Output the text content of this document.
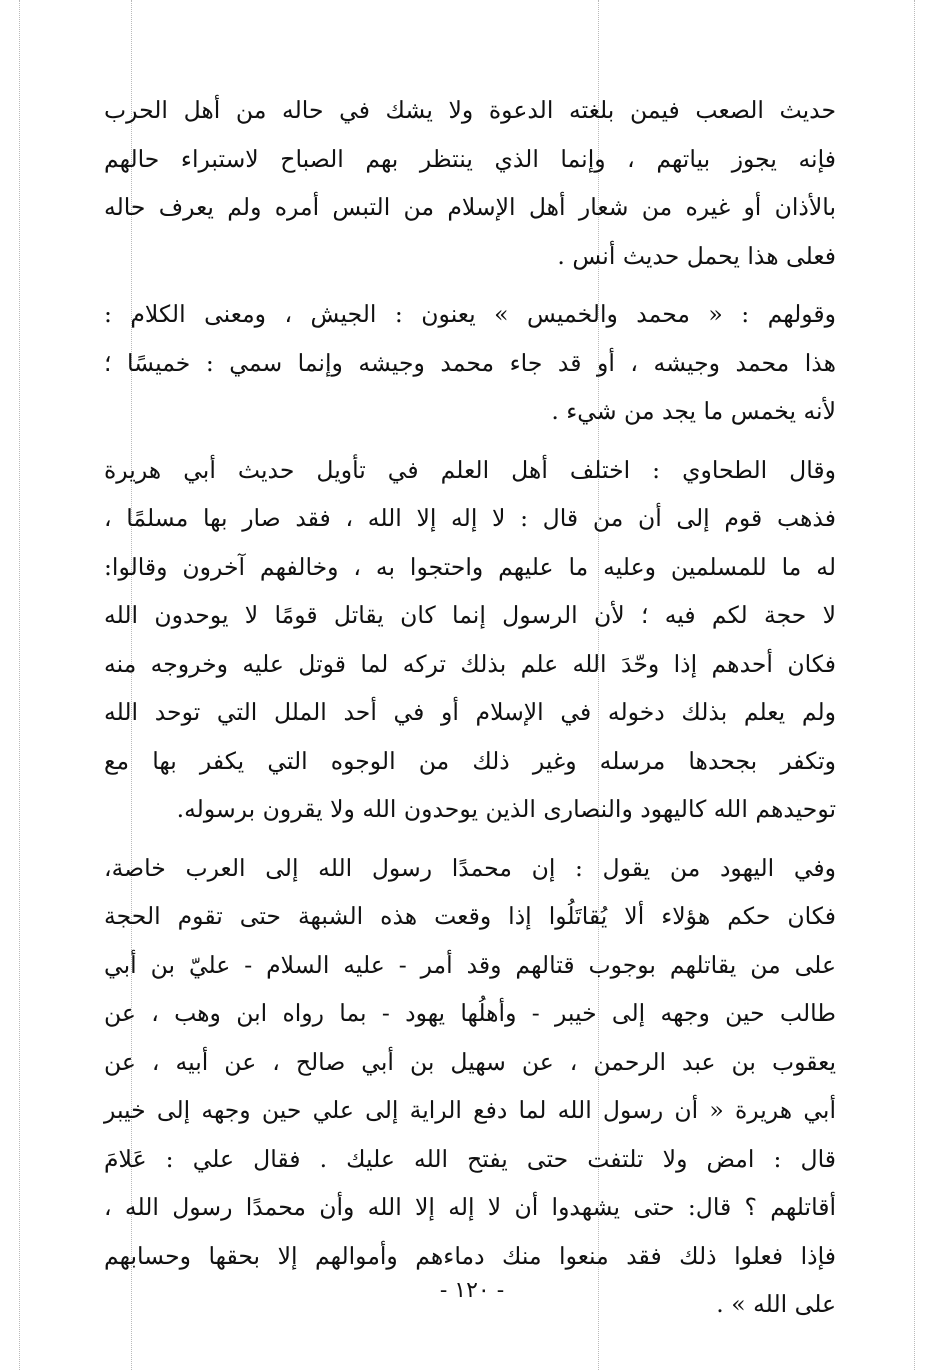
حديث الصعب فيمن بلغته الدعوة ولا يشك في حاله من أهل الحرب
فإنه يجوز بياتهم ، وإنما الذي ينتظر بهم الصباح لاستبراء حالهم
بالأذان أو غيره من شعار أهل الإسلام من التبس أمره ولم يعرف حاله
فعلى هذا يحمل حديث أنس .
وقولهم : « محمد والخميس » يعنون : الجيش ، ومعنى الكلام :
هذا محمد وجيشه ، أو قد جاء محمد وجيشه وإنما سمي : خميسًا ؛
لأنه يخمس ما يجد من شيء .
وقال الطحاوي : اختلف أهل العلم في تأويل حديث أبي هريرة
فذهب قوم إلى أن من قال : لا إله إلا الله ، فقد صار بها مسلمًا ،
له ما للمسلمين وعليه ما عليهم واحتجوا به ، وخالفهم آخرون وقالوا:
لا حجة لكم فيه ؛ لأن الرسول إنما كان يقاتل قومًا لا يوحدون الله
فكان أحدهم إذا وحّدَ الله علم بذلك تركه لما قوتل عليه وخروجه منه
ولم يعلم بذلك دخوله في الإسلام أو في أحد الملل التي توحد الله
وتكفر بجحدها مرسله وغير ذلك من الوجوه التي يكفر بها مع
توحيدهم الله كاليهود والنصارى الذين يوحدون الله ولا يقرون برسوله.
وفي اليهود من يقول : إن محمدًا رسول الله إلى العرب خاصة،
فكان حكم هؤلاء ألا يُقاتَلُوا إذا وقعت هذه الشبهة حتى تقوم الحجة
على من يقاتلهم بوجوب قتالهم وقد أمر - عليه السلام - عليّ بن أبي
طالب حين وجهه إلى خيبر - وأهلُها يهود - بما رواه ابن وهب ، عن
يعقوب بن عبد الرحمن ، عن سهيل بن أبي صالح ، عن أبيه ، عن
أبي هريرة « أن رسول الله لما دفع الراية إلى علي حين وجهه إلى خيبر
قال : امض ولا تلتفت حتى يفتح الله عليك . فقال علي : عَلامَ
أقاتلهم ؟ قال: حتى يشهدوا أن لا إله إلا الله وأن محمدًا رسول الله ،
فإذا فعلوا ذلك فقد منعوا منك دماءهم وأموالهم إلا بحقها وحسابهم
على الله » .
- ١٢٠ -
